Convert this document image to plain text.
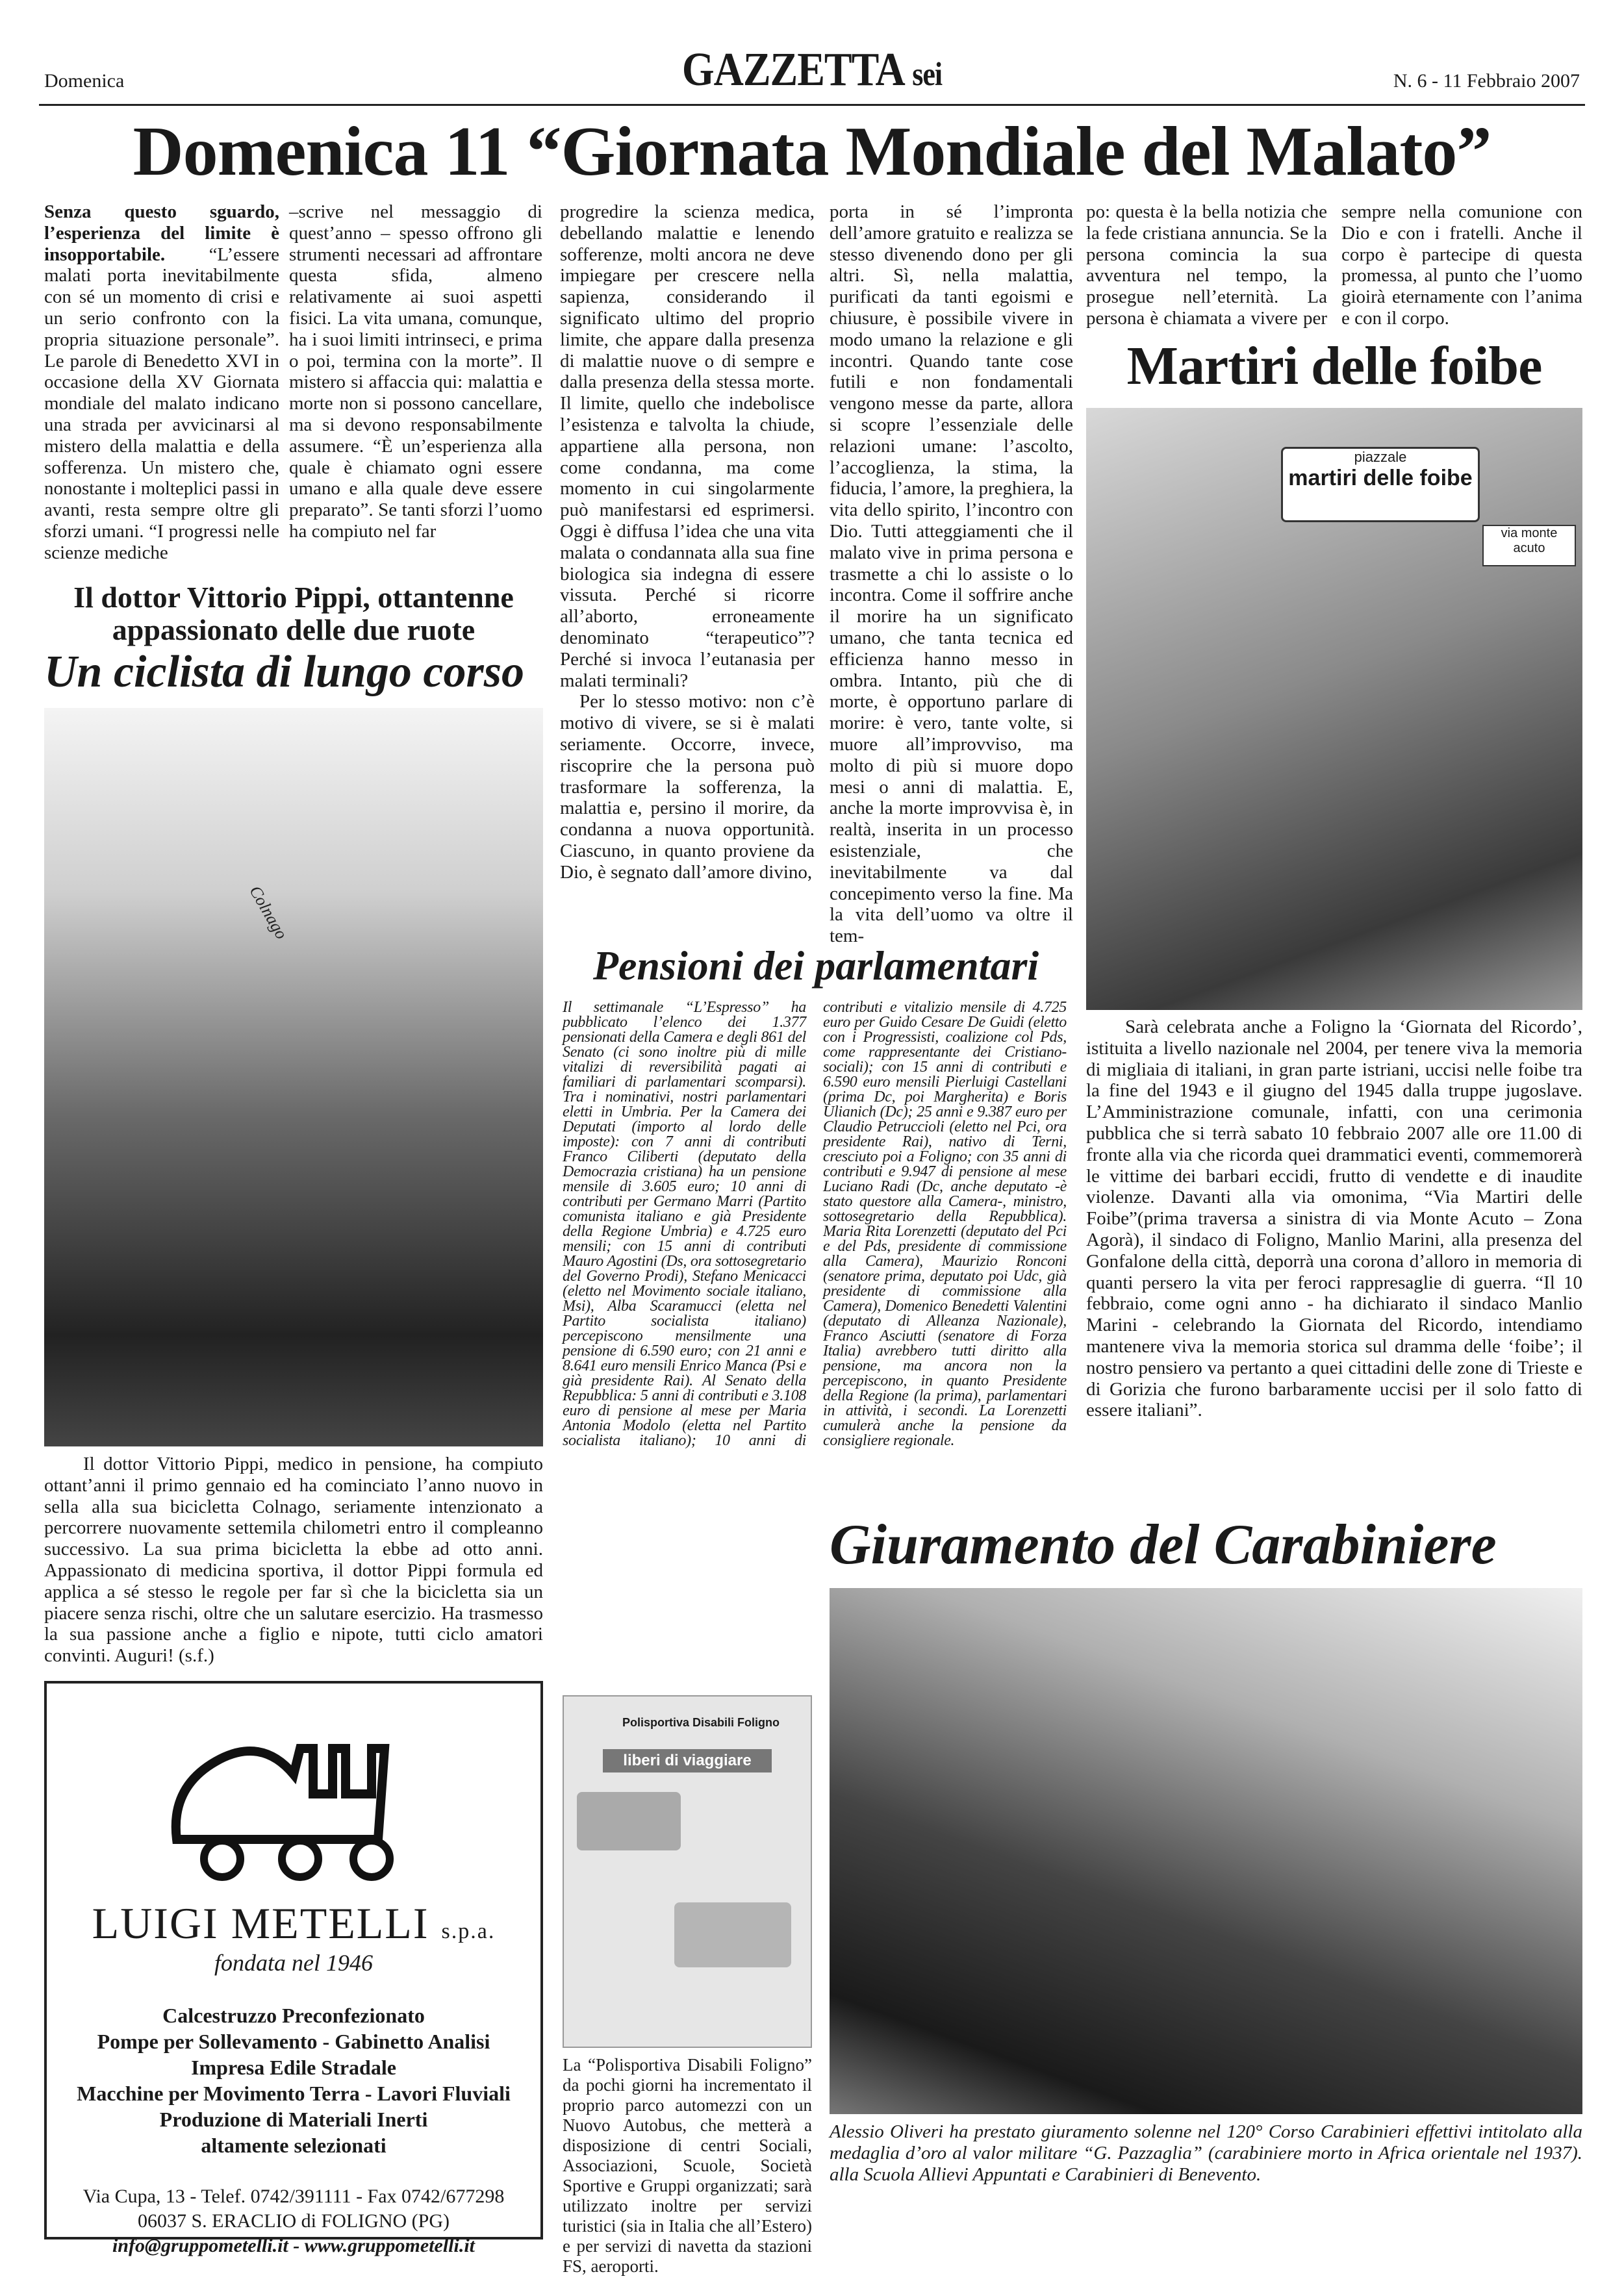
Domenica	GAZZETTA sei	N. 6 - 11 Febbraio 2007
Domenica 11 “Giornata Mondiale del Malato”

Senza questo sguardo, l’esperienza del limite è insopportabile. “L’essere malati porta inevitabilmente con sé un momento di crisi e un serio confronto con la propria situazione personale”. Le parole di Benedetto XVI in occasione della XV Giornata mondiale del malato indicano una strada per avvicinarsi al mistero della malattia e della sofferenza. Un mistero che, nonostante i molteplici passi in avanti, resta sempre oltre gli sforzi umani. “I progressi nelle scienze mediche

–scrive nel messaggio di quest’anno – spesso offrono gli strumenti necessari ad affrontare questa sfida, almeno relativamente ai suoi aspetti fisici. La vita umana, comunque, ha i suoi limiti intrinseci, e prima o poi, termina con la morte”. Il mistero si affaccia qui: malattia e morte non si possono cancellare, ma si devono responsabilmente assumere. “È un’esperienza alla quale è chiamato ogni essere umano e alla quale deve essere preparato”. Se tanti sforzi l’uomo ha compiuto nel far

progredire la scienza medica, debellando malattie e lenendo sofferenze, molti ancora ne deve impiegare per crescere nella sapienza, considerando il significato ultimo del proprio limite, che appare dalla presenza di malattie nuove o di sempre e dalla presenza della stessa morte. Il limite, quello che indebolisce l’esistenza e talvolta la chiude, appartiene alla persona, non come condanna, ma come momento in cui singolarmente può manifestarsi ed esprimersi. Oggi è diffusa l’idea che una vita malata o condannata alla sua fine biologica sia indegna di essere vissuta. Perché si ricorre all’aborto, erroneamente denominato “terapeutico”? Perché si invoca l’eutanasia per malati terminali?

Per lo stesso motivo: non c’è motivo di vivere, se si è malati seriamente. Occorre, invece, riscoprire che la persona può trasformare la sofferenza, la malattia e, persino il morire, da condanna a nuova opportunità. Ciascuno, in quanto proviene da Dio, è segnato dall’amore divino,

porta in sé l’impronta dell’amore gratuito e realizza se stesso divenendo dono per gli altri. Sì, nella malattia, purificati da tanti egoismi e chiusure, è possibile vivere in modo umano la relazione e gli incontri. Quando tante cose futili e non fondamentali vengono messe da parte, allora si scopre l’essenziale delle relazioni umane: l’ascolto, l’accoglienza, la stima, la fiducia, l’amore, la preghiera, la vita dello spirito, l’incontro con Dio. Tutti atteggiamenti che il malato vive in prima persona e trasmette a chi lo assiste o lo incontra. Come il soffrire anche il morire ha un significato umano, che tanta tecnica ed efficienza hanno messo in ombra. Intanto, più che di morte, è opportuno parlare di morire: è vero, tante volte, si muore all’improvviso, ma molto di più si muore dopo mesi o anni di malattia. E, anche la morte improvvisa è, in realtà, inserita in un processo esistenziale, che inevitabilmente va dal concepimento verso la fine. Ma la vita dell’uomo va oltre il tem-

po: questa è la bella notizia che la fede cristiana annuncia. Se la persona comincia la sua avventura nel tempo, la prosegue nell’eternità. La persona è chiamata a vivere per sempre nella comunione con Dio e con i fratelli. Anche il corpo è partecipe di questa promessa, al punto che l’uomo gioirà eternamente con l’anima e con il corpo.

Martiri delle foibe
piazzale
martiri delle foibe
via monte acuto

Sarà celebrata anche a Foligno la ‘Giornata del Ricordo’, istituita a livello nazionale nel 2004, per tenere viva la memoria di migliaia di italiani, in gran parte istriani, uccisi nelle foibe tra la fine del 1943 e il giugno del 1945 dalla truppe jugoslave. L’Amministrazione comunale, infatti, con una cerimonia pubblica che si terrà sabato 10 febbraio 2007 alle ore 11.00 di fronte alla via che ricorda quei drammatici eventi, commemorerà le vittime dei barbari eccidi, frutto di vendette e di inaudite violenze. Davanti alla via omonima, “Via Martiri delle Foibe”(prima traversa a sinistra di via Monte Acuto – Zona Agorà), il sindaco di Foligno, Manlio Marini, alla presenza del Gonfalone della città, deporrà una corona d’alloro in memoria di quanti persero la vita per feroci rappresaglie di guerra. “Il 10 febbraio, come ogni anno - ha dichiarato il sindaco Manlio Marini - celebrando la Giornata del Ricordo, intendiamo mantenere viva la memoria storica sul dramma delle ‘foibe’; il nostro pensiero va pertanto a quei cittadini delle zone di Trieste e di Gorizia che furono barbaramente uccisi per il solo fatto di essere italiani”.

Il dottor Vittorio Pippi, ottantenne appassionato delle due ruote
Un ciclista di lungo corso
Colnago

Il dottor Vittorio Pippi, medico in pensione, ha compiuto ottant’anni il primo gennaio ed ha cominciato l’anno nuovo in sella alla sua bicicletta Colnago, seriamente intenzionato a percorrere nuovamente settemila chilometri entro il compleanno successivo. La sua prima bicicletta la ebbe ad otto anni. Appassionato di medicina sportiva, il dottor Pippi formula ed applica a sé stesso le regole per far sì che la bicicletta sia un piacere senza rischi, oltre che un salutare esercizio. Ha trasmesso la sua passione anche a figlio e nipote, tutti ciclo amatori convinti. Auguri! (s.f.)

LUIGI METELLI s.p.a.
fondata nel 1946
Calcestruzzo Preconfezionato
Pompe per Sollevamento - Gabinetto Analisi
Impresa Edile Stradale
Macchine per Movimento Terra - Lavori Fluviali
Produzione di Materiali Inerti
altamente selezionati
Via Cupa, 13 - Telef. 0742/391111 - Fax 0742/677298
06037 S. ERACLIO di FOLIGNO (PG)
info@gruppometelli.it - www.gruppometelli.it
Pensioni dei parlamentari

Il settimanale “L’Espresso” ha pubblicato l’elenco dei 1.377 pensionati della Camera e degli 861 del Senato (ci sono inoltre più di mille vitalizi di reversibilità pagati ai familiari di parlamentari scomparsi). Tra i nominativi, nostri parlamentari eletti in Umbria. Per la Camera dei Deputati (importo al lordo delle imposte): con 7 anni di contributi Franco Ciliberti (deputato della Democrazia cristiana) ha un pensione mensile di 3.605 euro; 10 anni di contributi per Germano Marri (Partito comunista italiano e già Presidente della Regione Umbria) e 4.725 euro mensili; con 15 anni di contributi Mauro Agostini (Ds, ora sottosegretario del Governo Prodi), Stefano Menicacci (eletto nel Movimento sociale italiano, Msi), Alba Scaramucci (eletta nel Partito socialista italiano) percepiscono mensilmente una pensione di 6.590 euro; con 21 anni e 8.641 euro mensili Enrico Manca (Psi e già presidente Rai). Al Senato della Repubblica: 5 anni di contributi e 3.108 euro di pensione al mese per Maria Antonia Modolo (eletta nel Partito socialista italiano); 10 anni di contributi e vitalizio mensile di 4.725 euro per Guido Cesare De Guidi (eletto con i Progressisti, coalizione col Pds, come rappresentante dei Cristiano-sociali); con 15 anni di contributi e 6.590 euro mensili Pierluigi Castellani (prima Dc, poi Margherita) e Boris Ulianich (Dc); 25 anni e 9.387 euro per Claudio Petruccioli (eletto nel Pci, ora presidente Rai), nativo di Terni, cresciuto poi a Foligno; con 35 anni di contributi e 9.947 di pensione al mese Luciano Radi (Dc, anche deputato -è stato questore alla Camera-, ministro, sottosegretario della Repubblica). Maria Rita Lorenzetti (deputato del Pci e del Pds, presidente di commissione alla Camera), Maurizio Ronconi (senatore prima, deputato poi Udc, già presidente di commissione alla Camera), Domenico Benedetti Valentini (deputato di Alleanza Nazionale), Franco Asciutti (senatore di Forza Italia) avrebbero tutti diritto alla pensione, ma ancora non la percepiscono, in quanto Presidente della Regione (la prima), parlamentari in attività, i secondi. La Lorenzetti cumulerà anche la pensione da consigliere regionale.

Polisportiva Disabili Foligno
liberi di viaggiare

La “Polisportiva Disabili Foligno” da pochi giorni ha incrementato il proprio parco automezzi con un Nuovo Autobus, che metterà a disposizione di centri Sociali, Associazioni, Scuole, Società Sportive e Gruppi organizzati; sarà utilizzato inoltre per servizi turistici (sia in Italia che all’Estero) e per servizi di navetta da stazioni FS, aeroporti.

Giuramento del Carabiniere

Alessio Oliveri ha prestato giuramento solenne nel 120° Corso Carabinieri effettivi intitolato alla medaglia d’oro al valor militare “G. Pazzaglia” (carabiniere morto in Africa orientale nel 1937). alla Scuola Allievi Appuntati e Carabinieri di Benevento.
